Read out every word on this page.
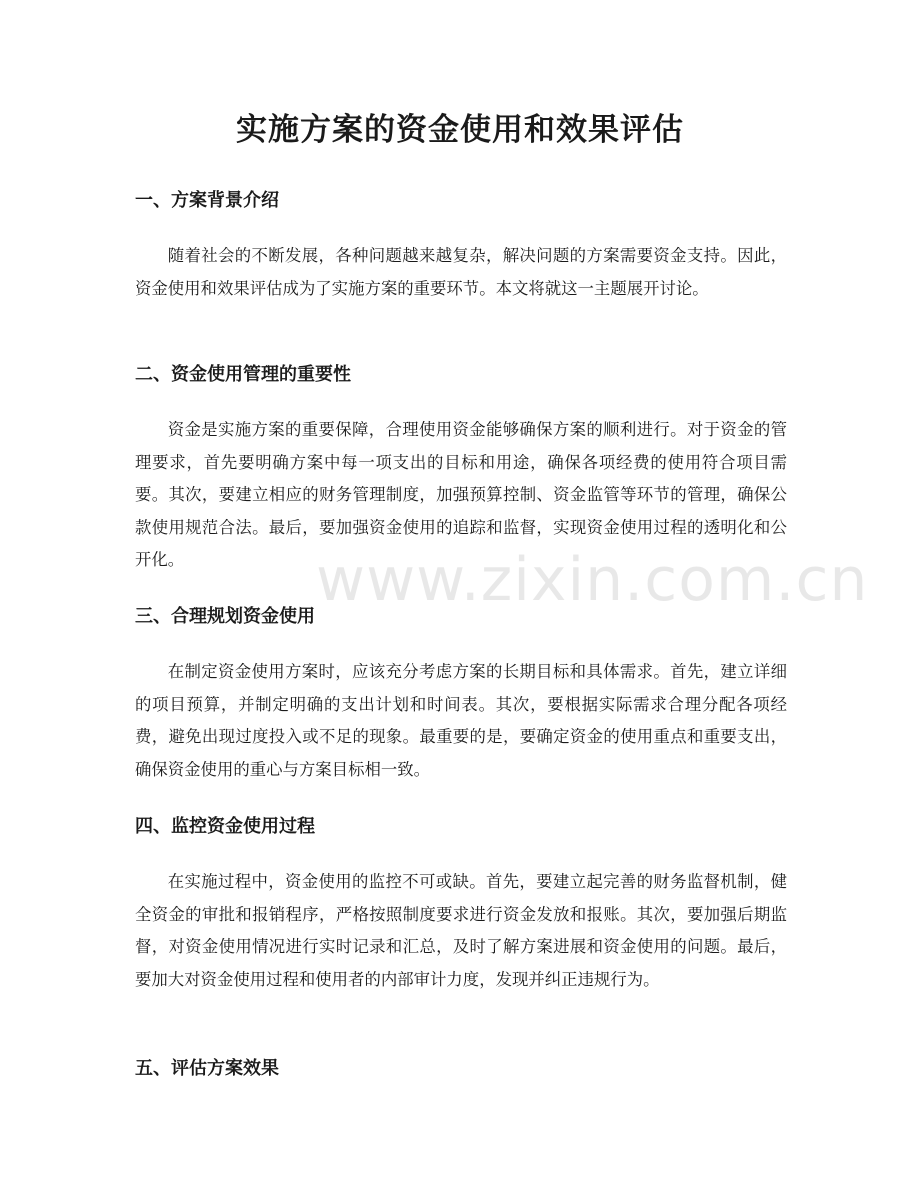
实施方案的资金使用和效果评估
一、方案背景介绍

随着社会的不断发展，各种问题越来越复杂，解决问题的方案需要资金支持。因此，资金使用和效果评估成为了实施方案的重要环节。本文将就这一主题展开讨论。

二、资金使用管理的重要性

资金是实施方案的重要保障，合理使用资金能够确保方案的顺利进行。对于资金的管理要求，首先要明确方案中每一项支出的目标和用途，确保各项经费的使用符合项目需要。其次，要建立相应的财务管理制度，加强预算控制、资金监管等环节的管理，确保公款使用规范合法。最后，要加强资金使用的追踪和监督，实现资金使用过程的透明化和公开化。

三、合理规划资金使用

在制定资金使用方案时，应该充分考虑方案的长期目标和具体需求。首先，建立详细的项目预算，并制定明确的支出计划和时间表。其次，要根据实际需求合理分配各项经费，避免出现过度投入或不足的现象。最重要的是，要确定资金的使用重点和重要支出，确保资金使用的重心与方案目标相一致。

四、监控资金使用过程

在实施过程中，资金使用的监控不可或缺。首先，要建立起完善的财务监督机制，健全资金的审批和报销程序，严格按照制度要求进行资金发放和报账。其次，要加强后期监督，对资金使用情况进行实时记录和汇总，及时了解方案进展和资金使用的问题。最后，要加大对资金使用过程和使用者的内部审计力度，发现并纠正违规行为。

五、评估方案效果
www.zixin.com.cn
